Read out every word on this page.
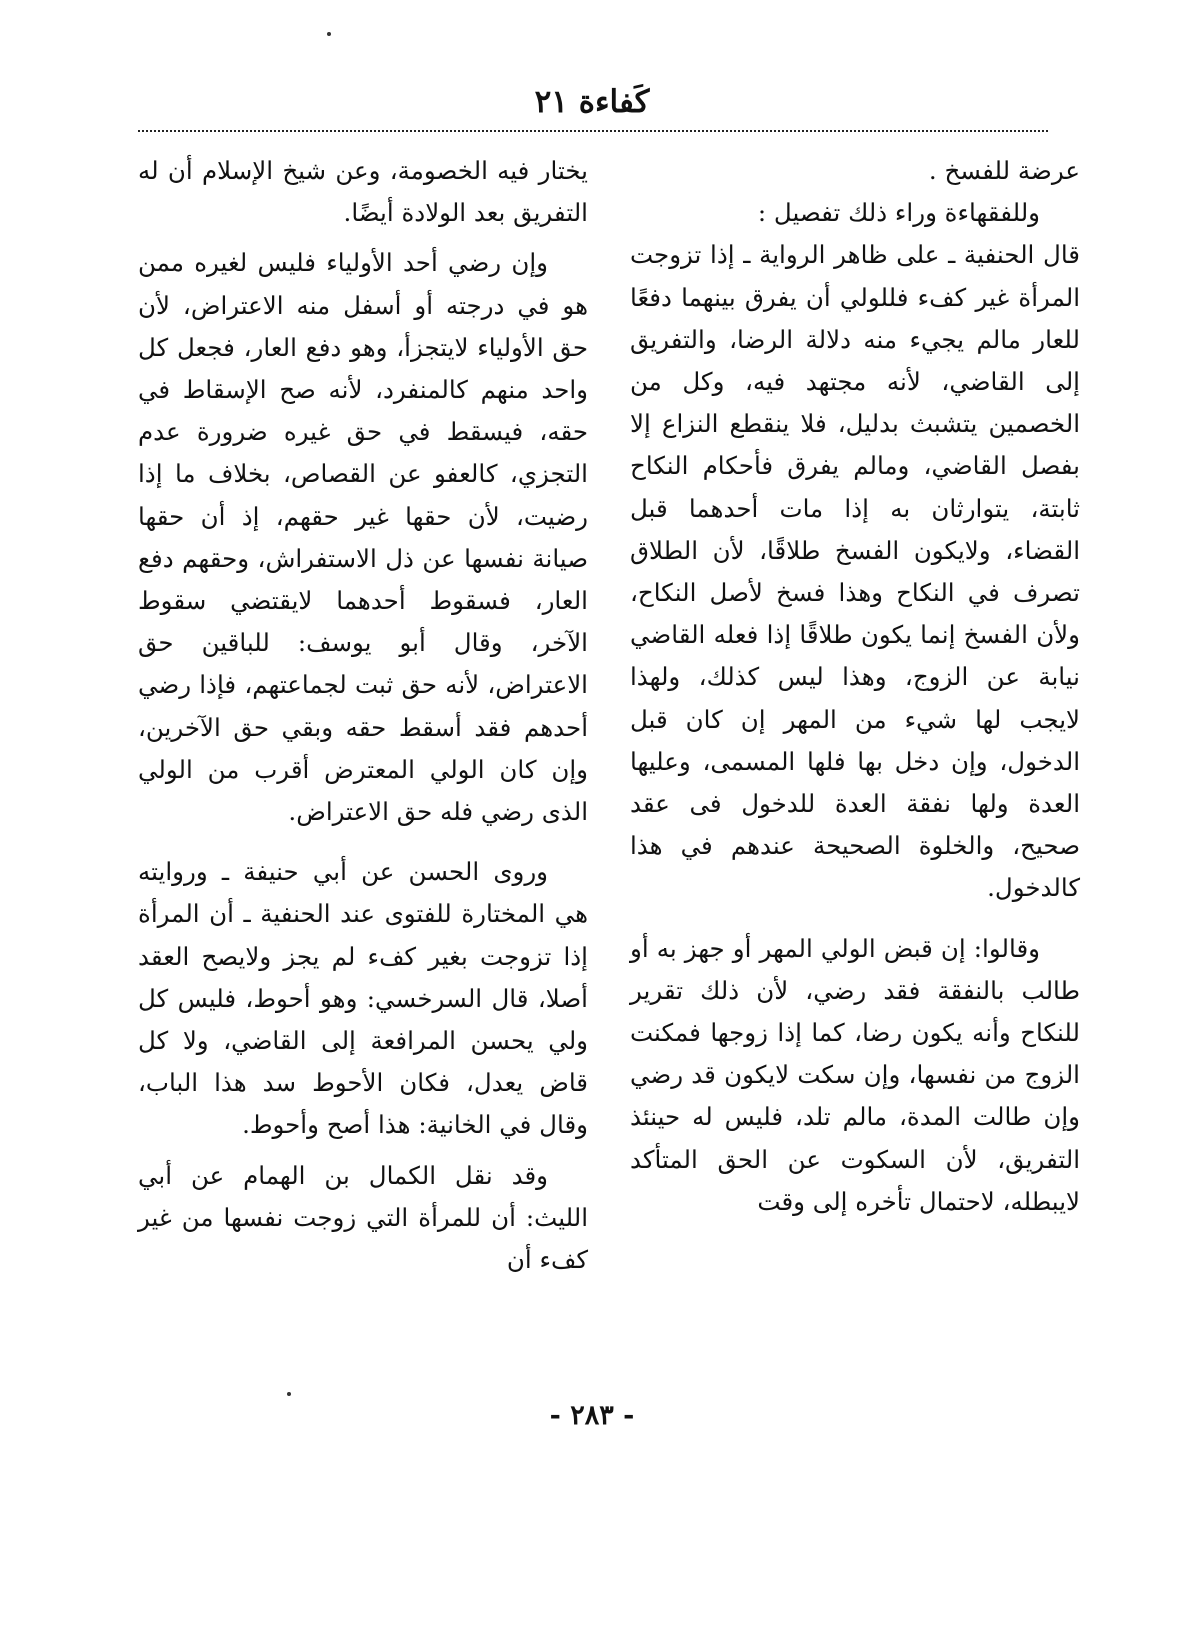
كَفاءة ٢١

عرضة للفسخ .

وللفقهاءة وراء ذلك تفصيل :

قال الحنفية ـ على ظاهر الرواية ـ إذا تزوجت المرأة غير كفء فللولي أن يفرق بينهما دفعًا للعار مالم يجيء منه دلالة الرضا، والتفريق إلى القاضي، لأنه مجتهد فيه، وكل من الخصمين يتشبث بدليل، فلا ينقطع النزاع إلا بفصل القاضي، ومالم يفرق فأحكام النكاح ثابتة، يتوارثان به إذا مات أحدهما قبل القضاء، ولايكون الفسخ طلاقًا، لأن الطلاق تصرف في النكاح وهذا فسخ لأصل النكاح، ولأن الفسخ إنما يكون طلاقًا إذا فعله القاضي نيابة عن الزوج، وهذا ليس كذلك، ولهذا لايجب لها شيء من المهر إن كان قبل الدخول، وإن دخل بها فلها المسمى، وعليها العدة ولها نفقة العدة للدخول فى عقد صحيح، والخلوة الصحيحة عندهم في هذا كالدخول.

وقالوا: إن قبض الولي المهر أو جهز به أو طالب بالنفقة فقد رضي، لأن ذلك تقرير للنكاح وأنه يكون رضا، كما إذا زوجها فمكنت الزوج من نفسها، وإن سكت لايكون قد رضي وإن طالت المدة، مالم تلد، فليس له حينئذ التفريق، لأن السكوت عن الحق المتأكد لايبطله، لاحتمال تأخره إلى وقت

يختار فيه الخصومة، وعن شيخ الإسلام أن له التفريق بعد الولادة أيضًا.

وإن رضي أحد الأولياء فليس لغيره ممن هو في درجته أو أسفل منه الاعتراض، لأن حق الأولياء لايتجزأ، وهو دفع العار، فجعل كل واحد منهم كالمنفرد، لأنه صح الإسقاط في حقه، فيسقط في حق غيره ضرورة عدم التجزي، كالعفو عن القصاص، بخلاف ما إذا رضيت، لأن حقها غير حقهم، إذ أن حقها صيانة نفسها عن ذل الاستفراش، وحقهم دفع العار، فسقوط أحدهما لايقتضي سقوط الآخر، وقال أبو يوسف: للباقين حق الاعتراض، لأنه حق ثبت لجماعتهم، فإذا رضي أحدهم فقد أسقط حقه وبقي حق الآخرين، وإن كان الولي المعترض أقرب من الولي الذى رضي فله حق الاعتراض.

وروى الحسن عن أبي حنيفة ـ وروايته هي المختارة للفتوى عند الحنفية ـ أن المرأة إذا تزوجت بغير كفء لم يجز ولايصح العقد أصلا، قال السرخسي: وهو أحوط، فليس كل ولي يحسن المرافعة إلى القاضي، ولا كل قاض يعدل، فكان الأحوط سد هذا الباب، وقال في الخانية: هذا أصح وأحوط.

وقد نقل الكمال بن الهمام عن أبي الليث: أن للمرأة التي زوجت نفسها من غير كفء أن

- ٢٨٣ -
